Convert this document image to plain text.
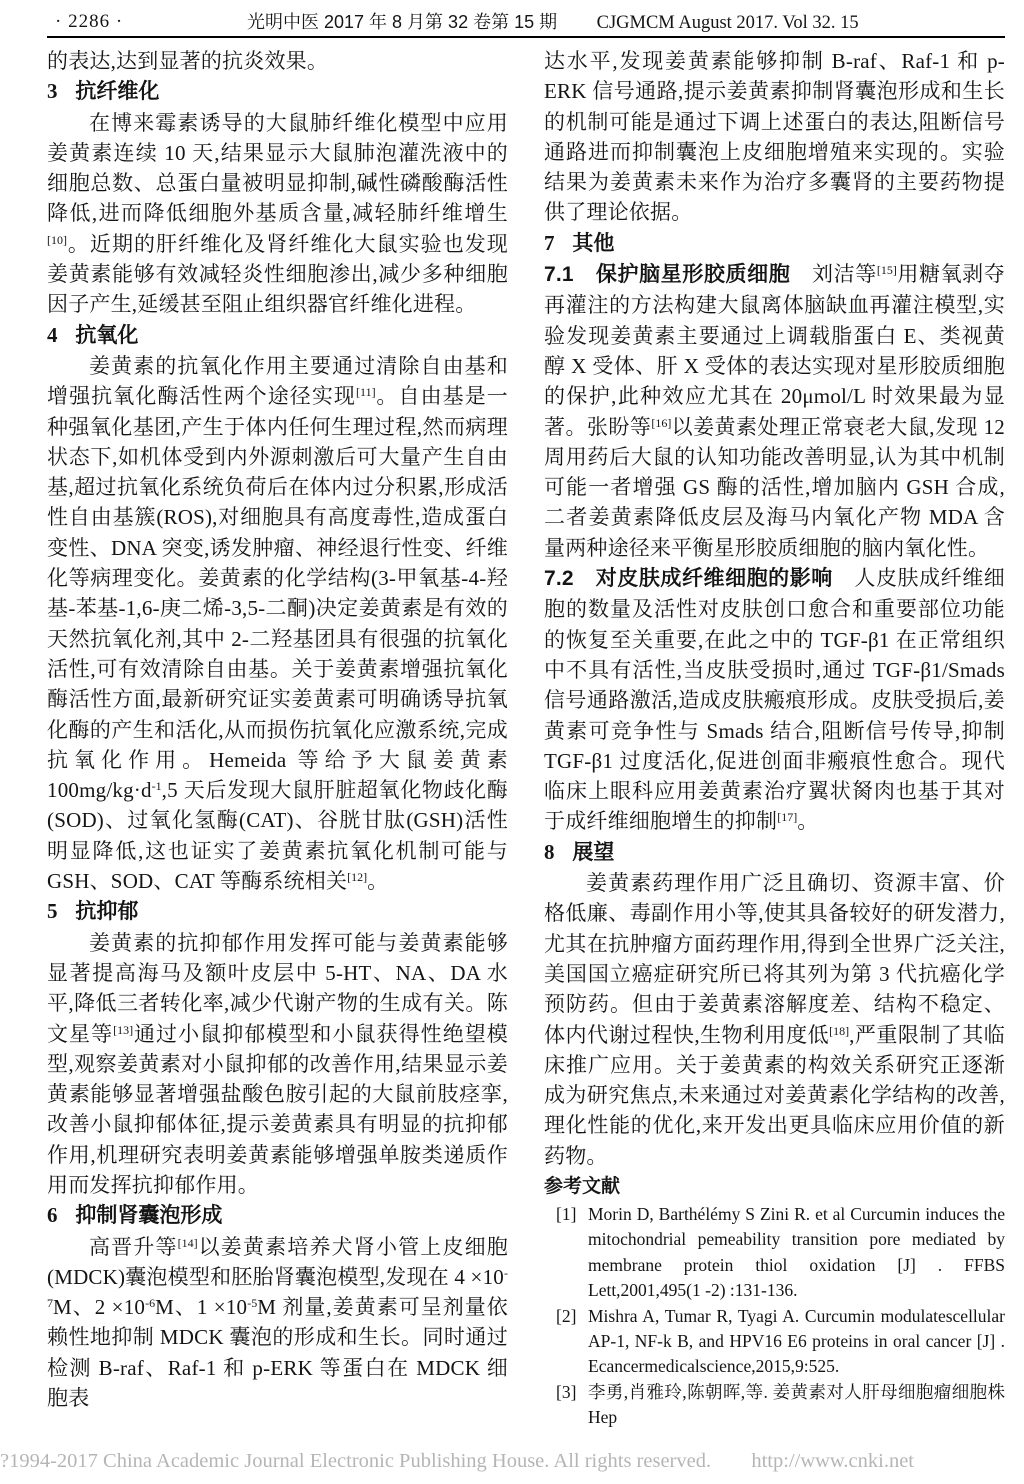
· 2286 ·	光明中医 2017 年 8 月第 32 卷第 15 期 CJGMCM August 2017. Vol 32. 15

的表达,达到显著的抗炎效果。

3 抗纤维化

在博来霉素诱导的大鼠肺纤维化模型中应用姜黄素连续 10 天,结果显示大鼠肺泡灌洗液中的细胞总数、总蛋白量被明显抑制,碱性磷酸酶活性降低,进而降低细胞外基质含量,减轻肺纤维增生[10]。近期的肝纤维化及肾纤维化大鼠实验也发现姜黄素能够有效减轻炎性细胞渗出,减少多种细胞因子产生,延缓甚至阻止组织器官纤维化进程。

4 抗氧化

姜黄素的抗氧化作用主要通过清除自由基和增强抗氧化酶活性两个途径实现[11]。自由基是一种强氧化基团,产生于体内任何生理过程,然而病理状态下,如机体受到内外源刺激后可大量产生自由基,超过抗氧化系统负荷后在体内过分积累,形成活性自由基簇(ROS),对细胞具有高度毒性,造成蛋白变性、DNA 突变,诱发肿瘤、神经退行性变、纤维化等病理变化。姜黄素的化学结构(3-甲氧基-4-羟基-苯基-1,6-庚二烯-3,5-二酮)决定姜黄素是有效的天然抗氧化剂,其中 2-二羟基团具有很强的抗氧化活性,可有效清除自由基。关于姜黄素增强抗氧化酶活性方面,最新研究证实姜黄素可明确诱导抗氧化酶的产生和活化,从而损伤抗氧化应激系统,完成抗氧化作用。Hemeida 等给予大鼠姜黄素 100mg/kg·d$^{-1}$,5 天后发现大鼠肝脏超氧化物歧化酶(SOD)、过氧化氢酶(CAT)、谷胱甘肽(GSH)活性明显降低,这也证实了姜黄素抗氧化机制可能与 GSH、SOD、CAT 等酶系统相关[12]。

5 抗抑郁

姜黄素的抗抑郁作用发挥可能与姜黄素能够显著提高海马及额叶皮层中 5-HT、NA、DA 水平,降低三者转化率,减少代谢产物的生成有关。陈文星等[13]通过小鼠抑郁模型和小鼠获得性绝望模型,观察姜黄素对小鼠抑郁的改善作用,结果显示姜黄素能够显著增强盐酸色胺引起的大鼠前肢痉挛,改善小鼠抑郁体征,提示姜黄素具有明显的抗抑郁作用,机理研究表明姜黄素能够增强单胺类递质作用而发挥抗抑郁作用。

6 抑制肾囊泡形成

高晋升等[14]以姜黄素培养犬肾小管上皮细胞(MDCK)囊泡模型和胚胎肾囊泡模型,发现在 4 ×10$^{-7}$M、2 ×10$^{-6}$M、1 ×10$^{-5}$M 剂量,姜黄素可呈剂量依赖性地抑制 MDCK 囊泡的形成和生长。同时通过检测 B-raf、Raf-1 和 p-ERK 等蛋白在 MDCK 细胞表

达水平,发现姜黄素能够抑制 B-raf、Raf-1 和 p-ERK 信号通路,提示姜黄素抑制肾囊泡形成和生长的机制可能是通过下调上述蛋白的表达,阻断信号通路进而抑制囊泡上皮细胞增殖来实现的。实验结果为姜黄素未来作为治疗多囊肾的主要药物提供了理论依据。

7 其他

7.1　保护脑星形胶质细胞　刘洁等[15]用糖氧剥夺再灌注的方法构建大鼠离体脑缺血再灌注模型,实验发现姜黄素主要通过上调载脂蛋白 E、类视黄醇 X 受体、肝 X 受体的表达实现对星形胶质细胞的保护,此种效应尤其在 20μmol/L 时效果最为显著。张盼等[16]以姜黄素处理正常衰老大鼠,发现 12 周用药后大鼠的认知功能改善明显,认为其中机制可能一者增强 GS 酶的活性,增加脑内 GSH 合成,二者姜黄素降低皮层及海马内氧化产物 MDA 含量两种途径来平衡星形胶质细胞的脑内氧化性。

7.2　对皮肤成纤维细胞的影响　人皮肤成纤维细胞的数量及活性对皮肤创口愈合和重要部位功能的恢复至关重要,在此之中的 TGF-β1 在正常组织中不具有活性,当皮肤受损时,通过 TGF-β1/Smads 信号通路激活,造成皮肤瘢痕形成。皮肤受损后,姜黄素可竞争性与 Smads 结合,阻断信号传导,抑制 TGF-β1 过度活化,促进创面非瘢痕性愈合。现代临床上眼科应用姜黄素治疗翼状胬肉也基于其对于成纤维细胞增生的抑制[17]。

8 展望

姜黄素药理作用广泛且确切、资源丰富、价格低廉、毒副作用小等,使其具备较好的研发潜力,尤其在抗肿瘤方面药理作用,得到全世界广泛关注,美国国立癌症研究所已将其列为第 3 代抗癌化学预防药。但由于姜黄素溶解度差、结构不稳定、体内代谢过程快,生物利用度低[18],严重限制了其临床推广应用。关于姜黄素的构效关系研究正逐渐成为研究焦点,未来通过对姜黄素化学结构的改善,理化性能的优化,来开发出更具临床应用价值的新药物。

参考文献
[1] Morin D, Barthélémy S Zini R. et al Curcumin induces the mitochondrial pemeability transition pore mediated by membrane protein thiol oxidation [J] . FFBS Lett,2001,495(1 -2) :131-136.
[2] Mishra A, Tumar R, Tyagi A. Curcumin modulatescellular AP-1, NF-k B, and HPV16 E6 proteins in oral cancer [J] . Ecancermedicalscience,2015,9:525.
[3] 李勇,肖雅玲,陈朝晖,等. 姜黄素对人肝母细胞瘤细胞株 Hep
?1994-2017 China Academic Journal Electronic Publishing House. All rights reserved. http://www.cnki.net
